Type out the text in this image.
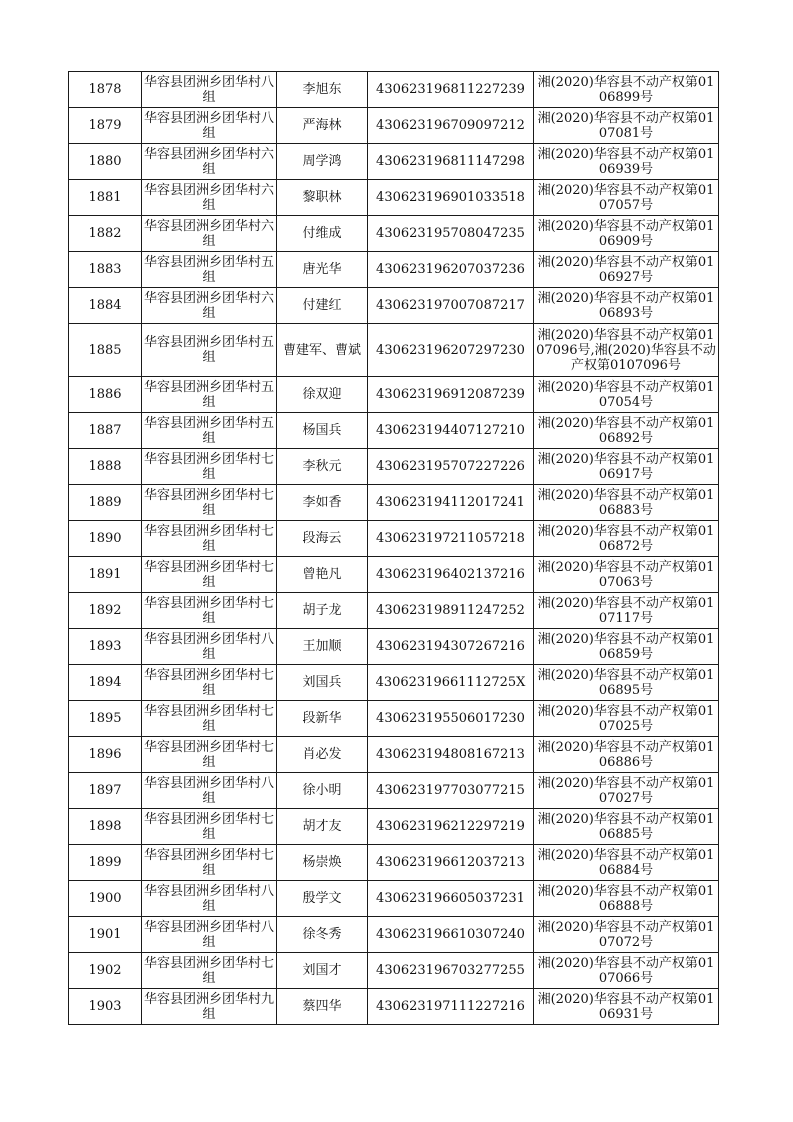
1878	华容县团洲乡团华村八组	李旭东	430623196811227239	湘(2020)华容县不动产权第0106899号
1879	华容县团洲乡团华村八组	严海林	430623196709097212	湘(2020)华容县不动产权第0107081号
1880	华容县团洲乡团华村六组	周学鸿	430623196811147298	湘(2020)华容县不动产权第0106939号
1881	华容县团洲乡团华村六组	黎职林	430623196901033518	湘(2020)华容县不动产权第0107057号
1882	华容县团洲乡团华村六组	付维成	430623195708047235	湘(2020)华容县不动产权第0106909号
1883	华容县团洲乡团华村五组	唐光华	430623196207037236	湘(2020)华容县不动产权第0106927号
1884	华容县团洲乡团华村六组	付建红	430623197007087217	湘(2020)华容县不动产权第0106893号
1885	华容县团洲乡团华村五组	曹建军、曹斌	430623196207297230	湘(2020)华容县不动产权第0107096号,湘(2020)华容县不动产权第0107096号
1886	华容县团洲乡团华村五组	徐双迎	430623196912087239	湘(2020)华容县不动产权第0107054号
1887	华容县团洲乡团华村五组	杨国兵	430623194407127210	湘(2020)华容县不动产权第0106892号
1888	华容县团洲乡团华村七组	李秋元	430623195707227226	湘(2020)华容县不动产权第0106917号
1889	华容县团洲乡团华村七组	李如香	430623194112017241	湘(2020)华容县不动产权第0106883号
1890	华容县团洲乡团华村七组	段海云	430623197211057218	湘(2020)华容县不动产权第0106872号
1891	华容县团洲乡团华村七组	曾艳凡	430623196402137216	湘(2020)华容县不动产权第0107063号
1892	华容县团洲乡团华村七组	胡子龙	430623198911247252	湘(2020)华容县不动产权第0107117号
1893	华容县团洲乡团华村八组	王加顺	430623194307267216	湘(2020)华容县不动产权第0106859号
1894	华容县团洲乡团华村七组	刘国兵	43062319661112725X	湘(2020)华容县不动产权第0106895号
1895	华容县团洲乡团华村七组	段新华	430623195506017230	湘(2020)华容县不动产权第0107025号
1896	华容县团洲乡团华村七组	肖必发	430623194808167213	湘(2020)华容县不动产权第0106886号
1897	华容县团洲乡团华村八组	徐小明	430623197703077215	湘(2020)华容县不动产权第0107027号
1898	华容县团洲乡团华村七组	胡才友	430623196212297219	湘(2020)华容县不动产权第0106885号
1899	华容县团洲乡团华村七组	杨崇焕	430623196612037213	湘(2020)华容县不动产权第0106884号
1900	华容县团洲乡团华村八组	殷学文	430623196605037231	湘(2020)华容县不动产权第0106888号
1901	华容县团洲乡团华村八组	徐冬秀	430623196610307240	湘(2020)华容县不动产权第0107072号
1902	华容县团洲乡团华村七组	刘国才	430623196703277255	湘(2020)华容县不动产权第0107066号
1903	华容县团洲乡团华村九组	蔡四华	430623197111227216	湘(2020)华容县不动产权第0106931号
